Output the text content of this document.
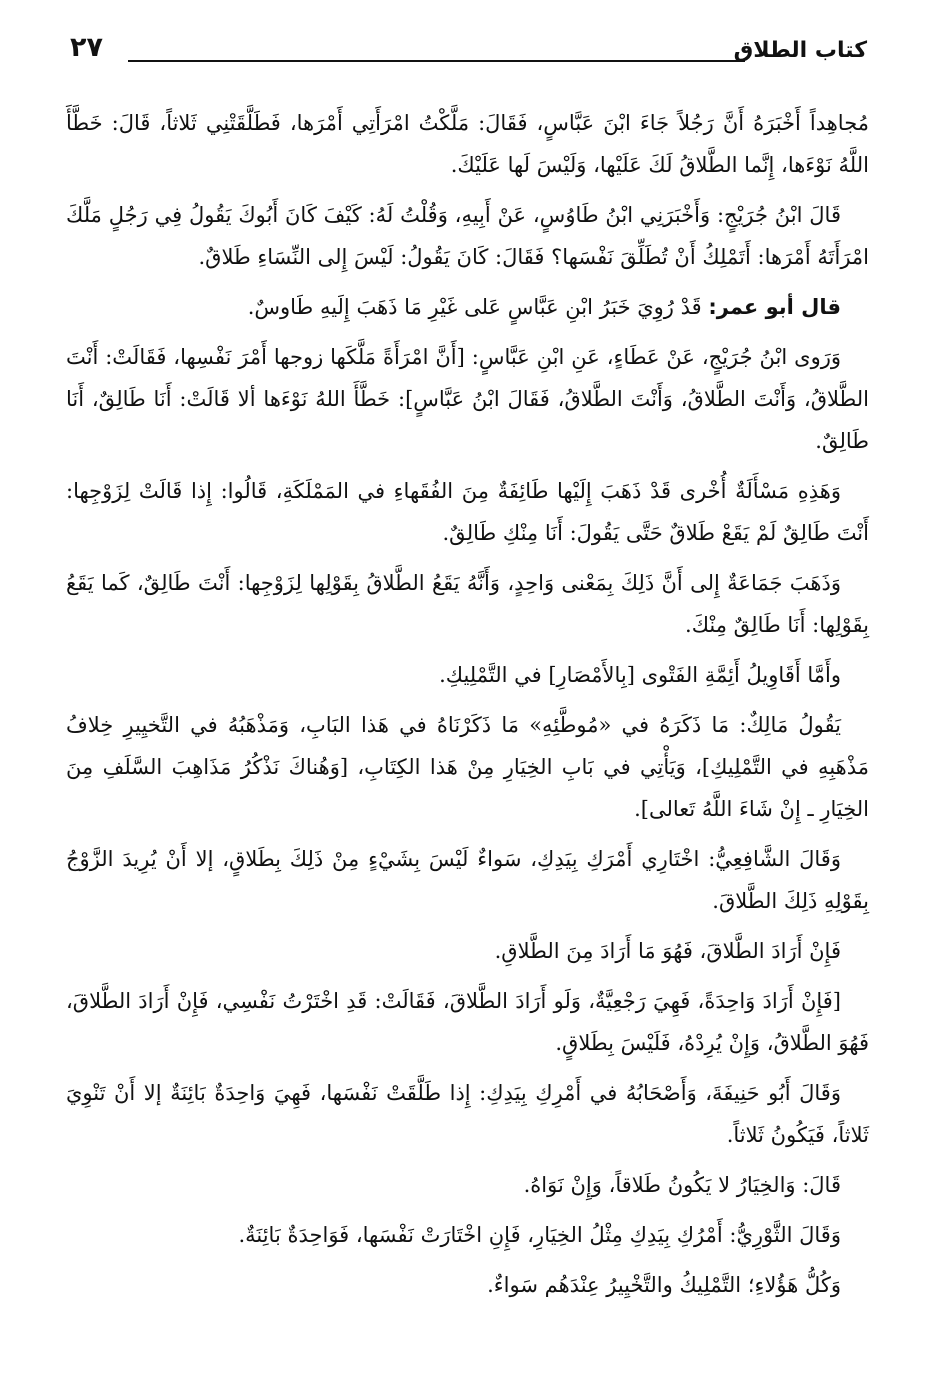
كتاب الطلاق
٢٧

مُجاهِداً أَخْبَرَهُ أَنَّ رَجُلاً جَاءَ ابْنَ عَبَّاسٍ، فَقَالَ: مَلَّكْتُ امْرَأَتِي أَمْرَها، فَطَلَّقَتْنِي ثَلاثاً، قَالَ: خَطَّأَ اللَّهُ نَوْءَها، إِنَّما الطَّلاقُ لَكَ عَلَيْها، وَلَيْسَ لَها عَلَيْكَ.

قَالَ ابْنُ جُرَيْجٍ: وَأَخْبَرَنِي ابْنُ طَاوُسٍ، عَنْ أَبِيهِ، وَقُلْتُ لَهُ: كَيْفَ كَانَ أَبُوكَ يَقُولُ فِي رَجُلٍ مَلَّكَ امْرَأَتَهُ أَمْرَها: أَتَمْلِكُ أَنْ تُطَلِّقَ نَفْسَها؟ فَقَالَ: كَانَ يَقُولُ: لَيْسَ إِلى النِّسَاءِ طَلاقٌ.

قال أبو عمر: قَدْ رُوِيَ خَبَرُ ابْنِ عَبَّاسٍ عَلى غَيْرِ مَا ذَهَبَ إِلَيهِ طَاوسٌ.

وَرَوى ابْنُ جُرَيْجٍ، عَنْ عَطَاءٍ، عَنِ ابْنِ عَبَّاسٍ: [أَنَّ امْرَأَةً مَلَّكَها زوجها أَمْرَ نَفْسِها، فَقَالَتْ: أَنْتَ الطَّلاقُ، وَأَنْتَ الطَّلاقُ، وَأَنْتَ الطَّلاقُ، فَقَالَ ابْنُ عَبَّاسٍ]: خَطَّأَ اللهُ نَوْءَها ألا قَالَتْ: أَنَا طَالِقٌ، أَنَا طَالِقٌ.

وَهَذِهِ مَسْأَلَةٌ أُخْرى قَدْ ذَهَبَ إِلَيْها طَائِفَةٌ مِنَ الفُقَهاءِ في المَمْلَكَةِ، قَالُوا: إِذا قَالَتْ لِزَوْجِها: أَنْتَ طَالِقٌ لَمْ يَقَعْ طَلاقٌ حَتَّى يَقُولَ: أَنَا مِنْكِ طَالِقٌ.

وَذَهَبَ جَمَاعَةٌ إِلى أَنَّ ذَلِكَ بِمَعْنى وَاحِدٍ، وَأَنَّهُ يَقَعُ الطَّلاقُ بِقَوْلِها لِزَوْجِها: أَنْتَ طَالِقٌ، كَما يَقَعُ بِقَوْلِها: أَنَا طَالِقٌ مِنْكَ.

وأَمَّا أَقَاوِيلُ أَئِمَّةِ الفَتْوى [بِالأَمْصَارِ] في التَّمْلِيكِ.

يَقُولُ مَالِكٌ: مَا ذَكَرَهُ في «مُوطَّئِهِ» مَا ذَكَرْنَاهُ في هَذا البَابِ، وَمَذْهَبُهُ في التَّخيِيرِ خِلافُ مَذْهَبِهِ في التَّمْلِيكِ]، وَيَأْتِي في بَابِ الخِيَارِ مِنْ هَذا الكِتَابِ، [وَهُناكَ نَذْكُرُ مَذَاهِبَ السَّلَفِ مِنَ الخِيَارِ ـ إِنْ شَاءَ اللَّهُ تَعالى].

وَقَالَ الشَّافِعِيُّ: اخْتَارِي أَمْرَكِ بِيَدِكِ، سَواءٌ لَيْسَ بِشَيْءٍ مِنْ ذَلِكَ بِطَلاقٍ، إلا أَنْ يُرِيدَ الزَّوْجُ بِقَوْلِهِ ذَلِكَ الطَّلاقَ.

فَإِنْ أَرَادَ الطَّلاقَ، فَهُوَ مَا أَرَادَ مِنَ الطَّلاقِ.

[فَإِنْ أَرَادَ وَاحِدَةً، فَهِيَ رَجْعِيَّةٌ، وَلَو أَرَادَ الطَّلاقَ، فَقَالَتْ: قَدِ اخْتَرْتُ نَفْسِي، فَإِنْ أَرَادَ الطَّلاقَ، فَهُوَ الطَّلاقُ، وَإِنْ يُرِدْهُ، فَلَيْسَ بِطَلاقٍ.

وَقَالَ أَبُو حَنِيفَةَ، وَأَصْحَابُهُ في أَمْرِكِ بِيَدِكِ: إِذا طَلَّقَتْ نَفْسَها، فَهِيَ وَاحِدَةٌ بَائِنَةٌ إلا أَنْ تَنْوِيَ ثَلاثاً، فَيَكُونُ ثَلاثاً.

قَالَ: وَالخِيَارُ لا يَكُونُ طَلاقاً، وَإِنْ نَوَاهُ.

وَقَالَ الثَّوْرِيُّ: أَمْرُكِ بِيَدِكِ مِثْلُ الخِيَارِ، فَإِنِ اخْتَارَتْ نَفْسَها، فَوَاحِدَةٌ بَائِنَةٌ.

وَكُلُّ هَؤُلاءِ؛ التَّمْلِيكُ والتَّخْيِيرُ عِنْدَهُم سَواءٌ.
